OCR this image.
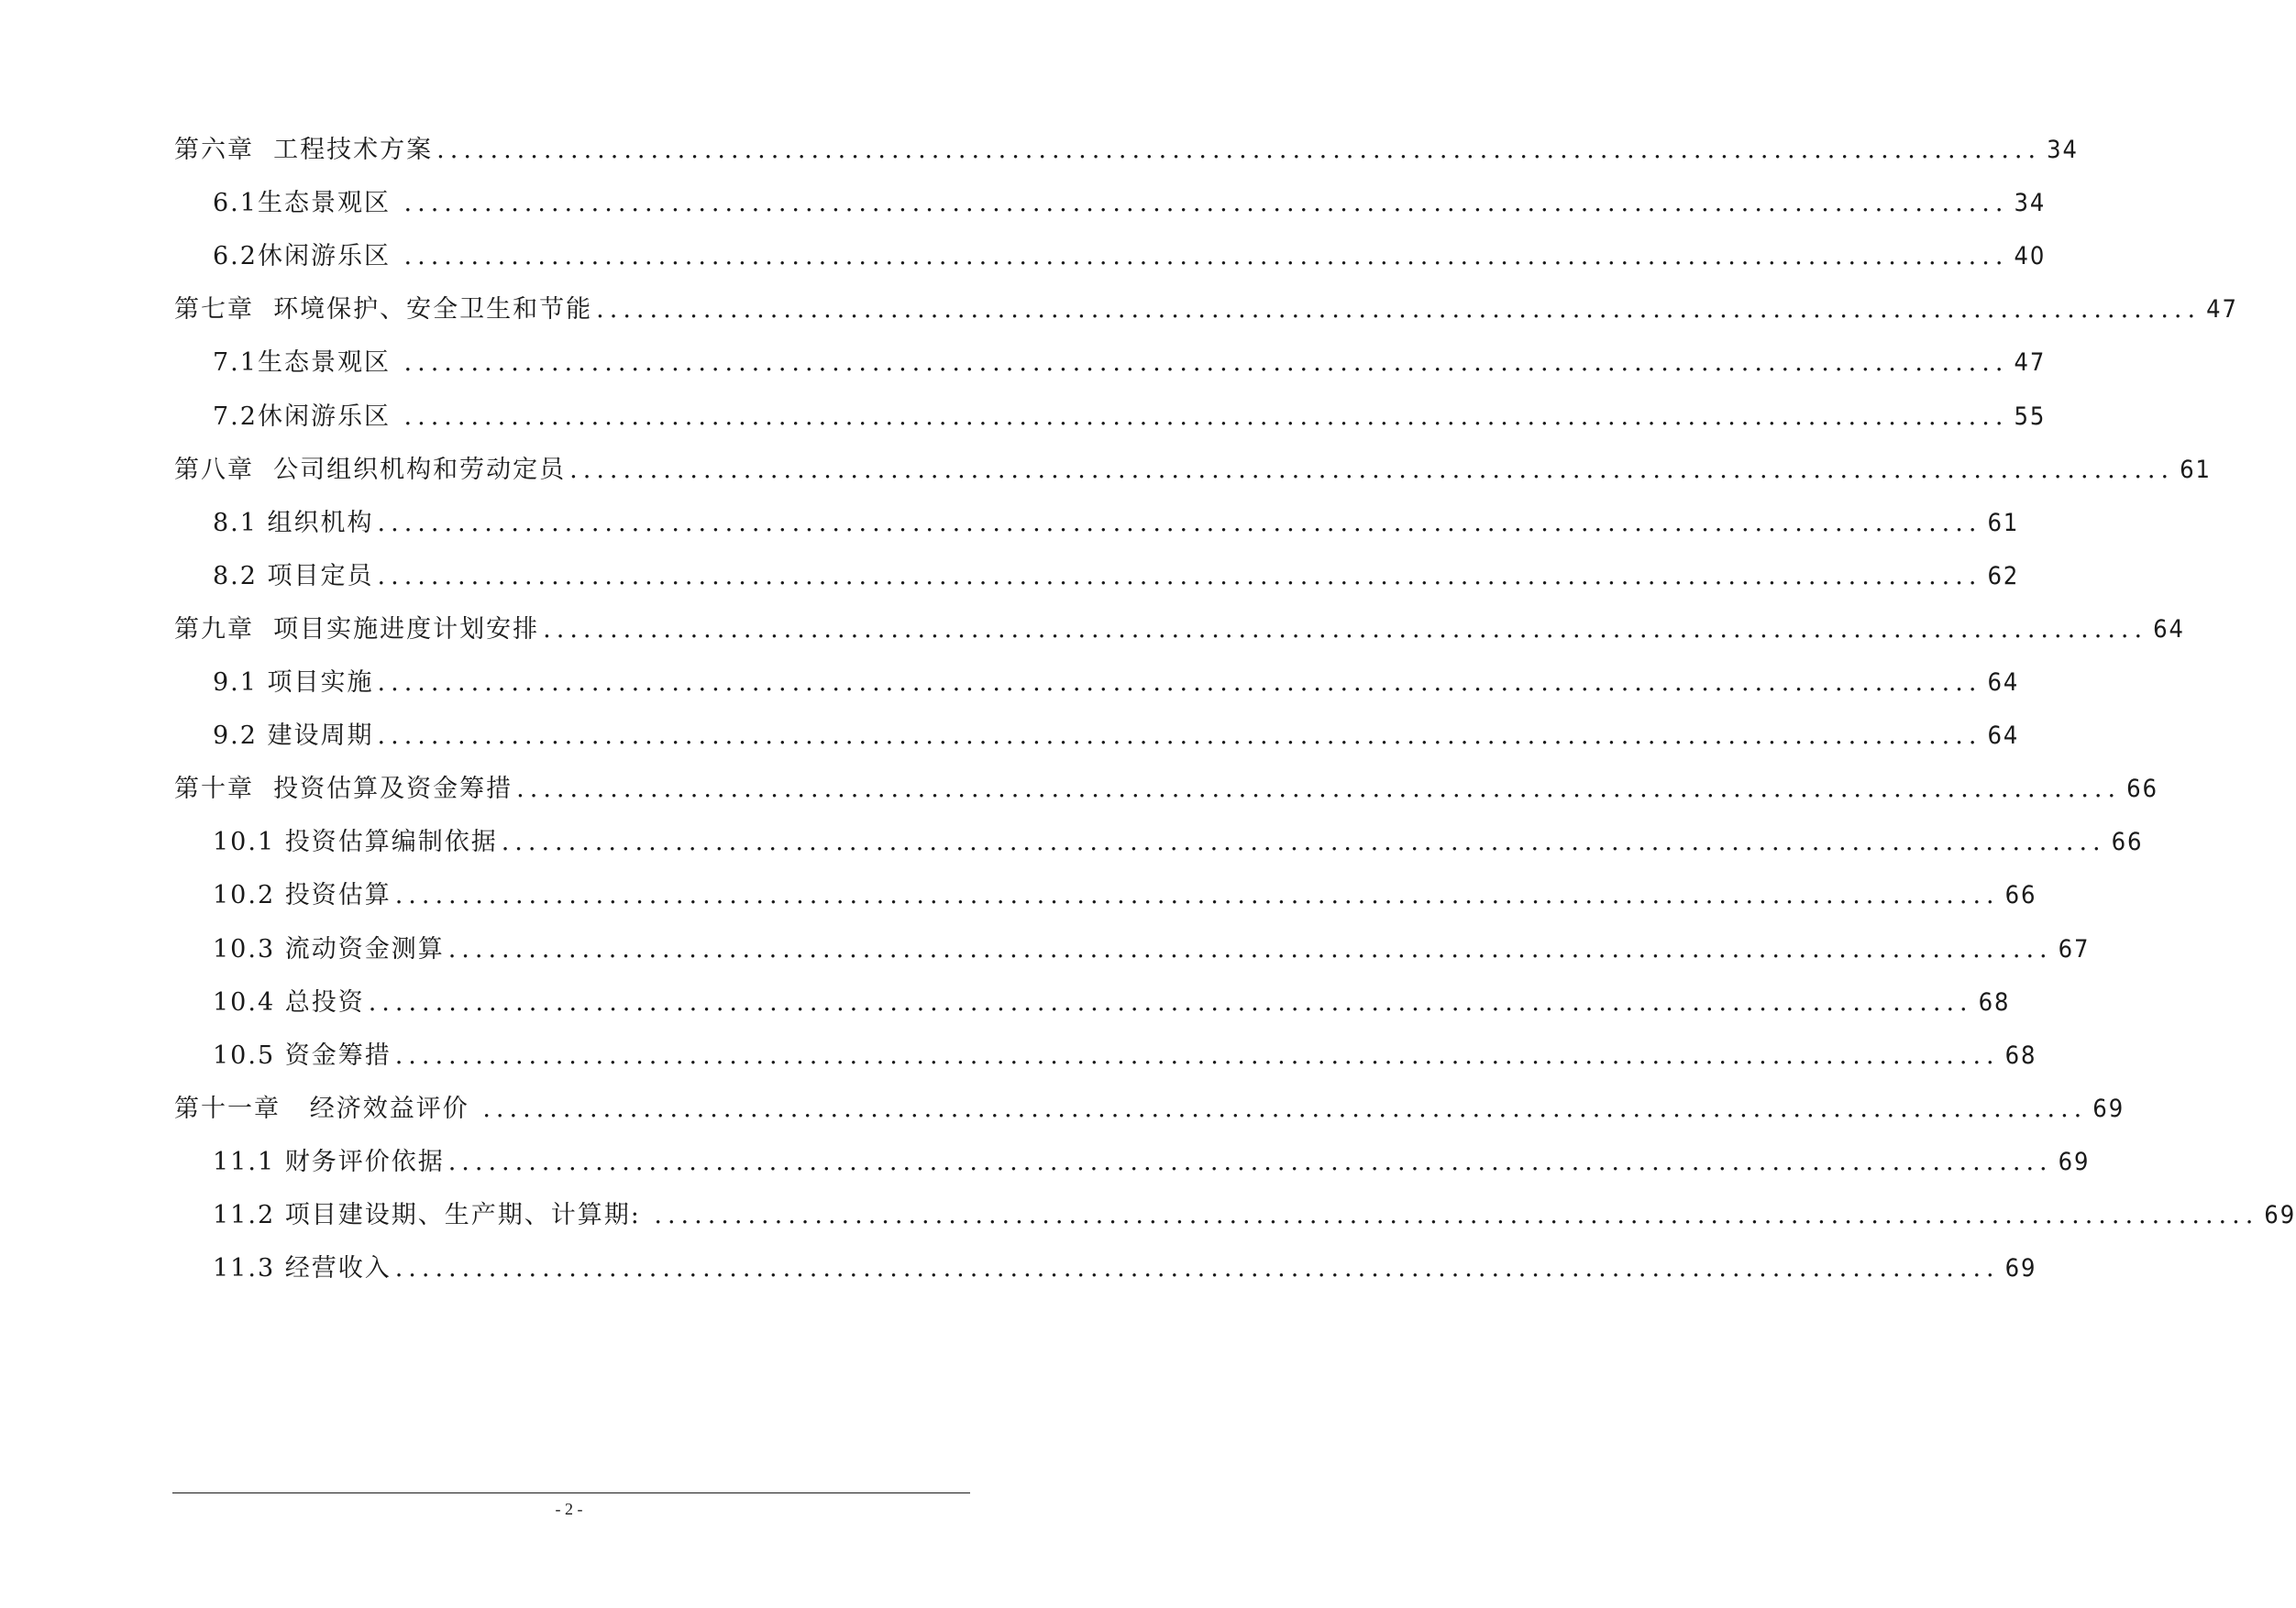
第六章  工程技术方案 ........................................................................................................................ 34
6.1生态景观区 ........................................................................................................................ 34
6.2休闲游乐区 ........................................................................................................................ 40
第七章  环境保护、安全卫生和节能 ........................................................................................................................ 47
7.1生态景观区 ........................................................................................................................ 47
7.2休闲游乐区 ........................................................................................................................ 55
第八章  公司组织机构和劳动定员 ........................................................................................................................ 61
8.1 组织机构 ........................................................................................................................ 61
8.2 项目定员 ........................................................................................................................ 62
第九章  项目实施进度计划安排 ........................................................................................................................ 64
9.1 项目实施 ........................................................................................................................ 64
9.2 建设周期 ........................................................................................................................ 64
第十章  投资估算及资金筹措 ........................................................................................................................ 66
10.1 投资估算编制依据 ........................................................................................................................ 66
10.2 投资估算 ........................................................................................................................ 66
10.3 流动资金测算 ........................................................................................................................ 67
10.4 总投资 ........................................................................................................................ 68
10.5 资金筹措 ........................................................................................................................ 68
第十一章   经济效益评价 ........................................................................................................................ 69
11.1 财务评价依据 ........................................................................................................................ 69
11.2 项目建设期、生产期、计算期: ........................................................................................................................ 69
11.3 经营收入 ........................................................................................................................ 69
- 2 -
